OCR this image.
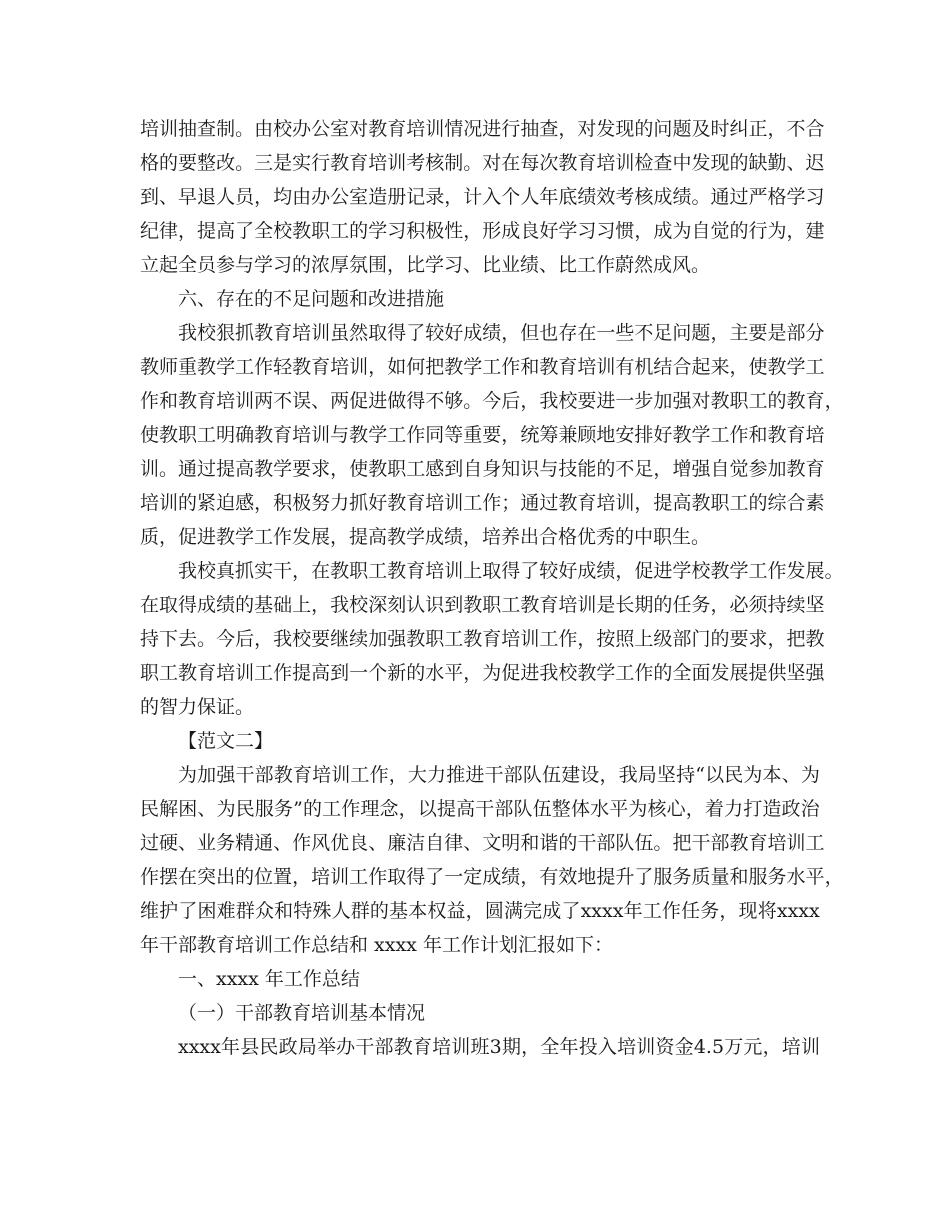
培 训 抽 查 制 。 由 校 办 公 室 对 教 育 培 训 情 况 进 行 抽 查 ， 对 发 现 的 问 题 及 时 纠 正 ， 不 合
格 的 要 整 改 。 三 是 实 行 教 育 培 训 考 核 制 。 对 在 每 次 教 育 培 训 检 查 中 发 现 的 缺 勤 、 迟
到 、 早 退 人 员 ， 均 由 办 公 室 造 册 记 录 ， 计 入 个 人 年 底 绩 效 考 核 成 绩 。 通 过 严 格 学 习
纪 律 ， 提 高 了 全 校 教 职 工 的 学 习 积 极 性 ， 形 成 良 好 学 习 习 惯 ， 成 为 自 觉 的 行 为 ， 建
立起全员参与学习的浓厚氛围，比学习、比业绩、比工作蔚然成风。
六、存在的不足问题和改进措施
我 校 狠 抓 教 育 培 训 虽 然 取 得 了 较 好 成 绩 ， 但 也 存 在 一 些 不 足 问 题 ， 主 要 是 部 分
教 师 重 教 学 工 作 轻 教 育 培 训 ， 如 何 把 教 学 工 作 和 教 育 培 训 有 机 结 合 起 来 ， 使 教 学 工
作 和 教 育 培 训 两 不 误 、 两 促 进 做 得 不 够 。 今 后 ， 我 校 要 进 一 步 加 强 对 教 职 工 的 教 育 ，
使 教 职 工 明 确 教 育 培 训 与 教 学 工 作 同 等 重 要 ， 统 筹 兼 顾 地 安 排 好 教 学 工 作 和 教 育 培
训 。 通 过 提 高 教 学 要 求 ， 使 教 职 工 感 到 自 身 知 识 与 技 能 的 不 足 ， 增 强 自 觉 参 加 教 育
培 训 的 紧 迫 感 ， 积 极 努 力 抓 好 教 育 培 训 工 作 ； 通 过 教 育 培 训 ， 提 高 教 职 工 的 综 合 素
质，促进教学工作发展，提高教学成绩，培养出合格优秀的中职生。
我 校 真 抓 实 干 ， 在 教 职 工 教 育 培 训 上 取 得 了 较 好 成 绩 ， 促 进 学 校 教 学 工 作 发 展 。
在 取 得 成 绩 的 基 础 上 ， 我 校 深 刻 认 识 到 教 职 工 教 育 培 训 是 长 期 的 任 务 ， 必 须 持 续 坚
持 下 去 。 今 后 ， 我 校 要 继 续 加 强 教 职 工 教 育 培 训 工 作 ， 按 照 上 级 部 门 的 要 求 ， 把 教
职 工 教 育 培 训 工 作 提 高 到 一 个 新 的 水 平 ， 为 促 进 我 校 教 学 工 作 的 全 面 发 展 提 供 坚 强
的智力保证。
【范文二】
为 加 强 干 部 教 育 培 训 工 作 ， 大 力 推 进 干 部 队 伍 建 设 ， 我 局 坚 持 “ 以 民 为 本 、 为
民 解 困 、 为 民 服 务 ” 的 工 作 理 念 ， 以 提 高 干 部 队 伍 整 体 水 平 为 核 心 ， 着 力 打 造 政 治
过 硬 、 业 务 精 通 、 作 风 优 良 、 廉 洁 自 律 、 文 明 和 谐 的 干 部 队 伍 。 把 干 部 教 育 培 训 工
作 摆 在 突 出 的 位 置 ， 培 训 工 作 取 得 了 一 定 成 绩 ， 有 效 地 提 升 了 服 务 质 量 和 服 务 水 平 ，
维 护 了 困 难 群 众 和 特 殊 人 群 的 基 本 权 益 ， 圆 满 完 成 了 xxxx 年 工 作 任 务 ， 现 将 xxxx
年干部教育培训工作总结和 xxxx 年工作计划汇报如下：
一、xxxx 年工作总结
（一）干部教育培训基本情况
xxxx 年 县 民 政 局 举 办 干 部 教 育 培 训 班 3 期 ， 全 年 投 入 培 训 资 金 4.5 万 元 ， 培 训
